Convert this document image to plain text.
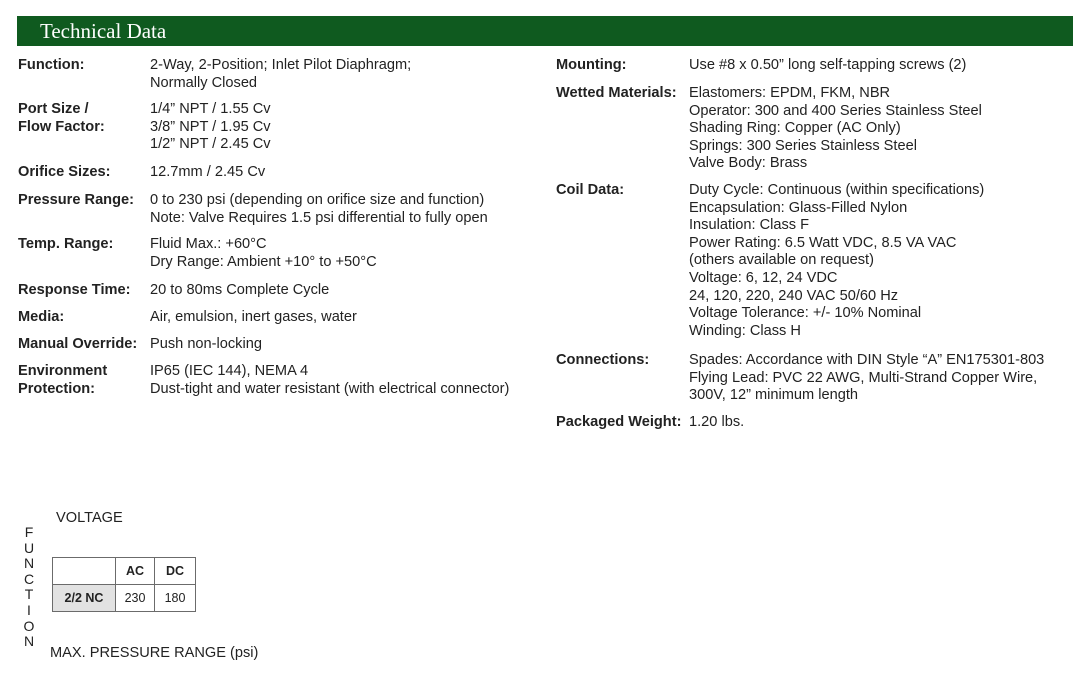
Technical Data
Function:	2-Way, 2-Position; Inlet Pilot Diaphragm;
Normally Closed
Port Size /
Flow Factor:
1/4” NPT / 1.55 Cv
3/8” NPT / 1.95 Cv
1/2” NPT / 2.45 Cv
Orifice Sizes:	12.7mm / 2.45 Cv
Pressure Range: 0 to 230 psi (depending on orifice size and function)
Note: Valve Requires 1.5 psi differential to fully open
Temp. Range:	Fluid Max.: +60°C
Dry Range: Ambient +10° to +50°C
Response Time: 20 to 80ms Complete Cycle
Media:	Air, emulsion, inert gases, water
Manual Override: Push non-locking
Environment
Protection:
IP65 (IEC 144), NEMA 4
Dust-tight and water resistant (with electrical connector)
Mounting:	Use #8 x 0.50” long self-tapping screws (2)
Wetted Materials: Elastomers: EPDM, FKM, NBR
Operator: 300 and 400 Series Stainless Steel
Shading Ring: Copper (AC Only)
Springs: 300 Series Stainless Steel
Valve Body: Brass
Coil Data:	Duty Cycle: Continuous (within specifications)
Encapsulation: Glass-Filled Nylon
Insulation: Class F
Power Rating: 6.5 Watt VDC, 8.5 VA VAC
(others available on request)
Voltage: 6, 12, 24 VDC
24, 120, 220, 240 VAC 50/60 Hz
Voltage Tolerance: +/- 10% Nominal
Winding: Class H
Connections:	Spades: Accordance with DIN Style “A” EN175301-803
Flying Lead: PVC 22 AWG, Multi-Strand Copper Wire,
300V, 12” minimum length
Packaged Weight: 1.20 lbs.
VOLTAGE
F
U
N
C
T
I
O
N
	AC	DC
2/2 NC	230	180
MAX. PRESSURE RANGE (psi)
